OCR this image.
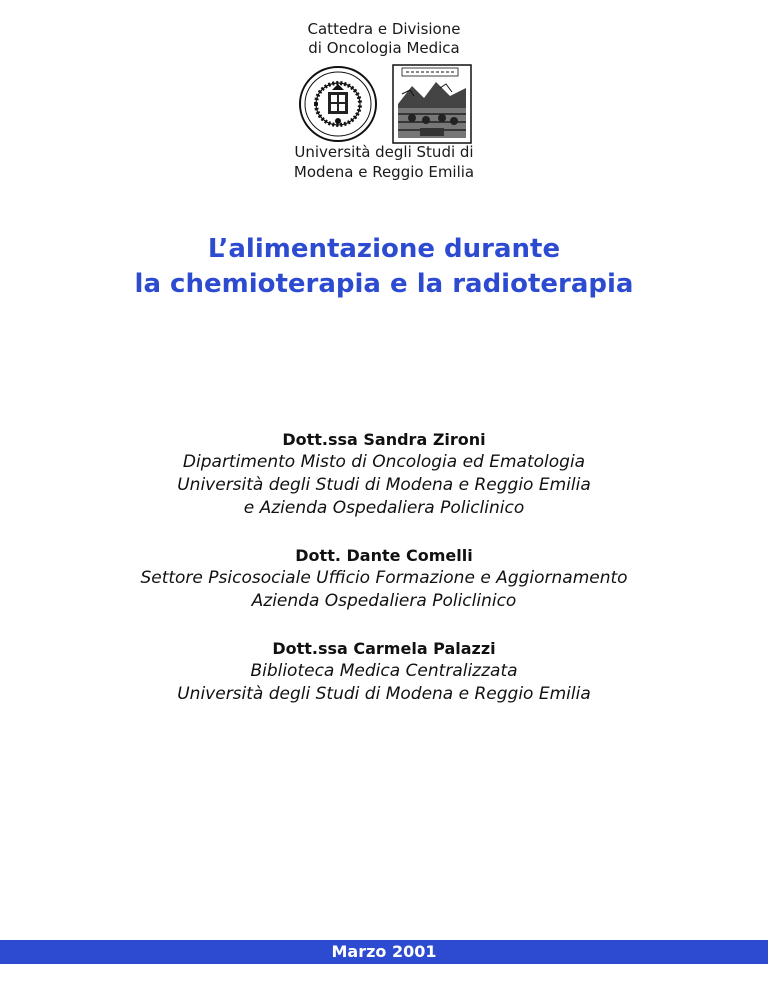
Cattedra e Divisione
di Oncologia Medica
Università degli Studi di
Modena e Reggio Emilia
L’alimentazione durante
la chemioterapia e la radioterapia
Dott.ssa Sandra Zironi
Dipartimento Misto di Oncologia ed Ematologia
Università degli Studi di Modena e Reggio Emilia
e Azienda Ospedaliera Policlinico
Dott. Dante Comelli
Settore Psicosociale Ufficio Formazione e Aggiornamento
Azienda Ospedaliera Policlinico
Dott.ssa Carmela Palazzi
Biblioteca Medica Centralizzata
Università degli Studi di Modena e Reggio Emilia
Marzo 2001
